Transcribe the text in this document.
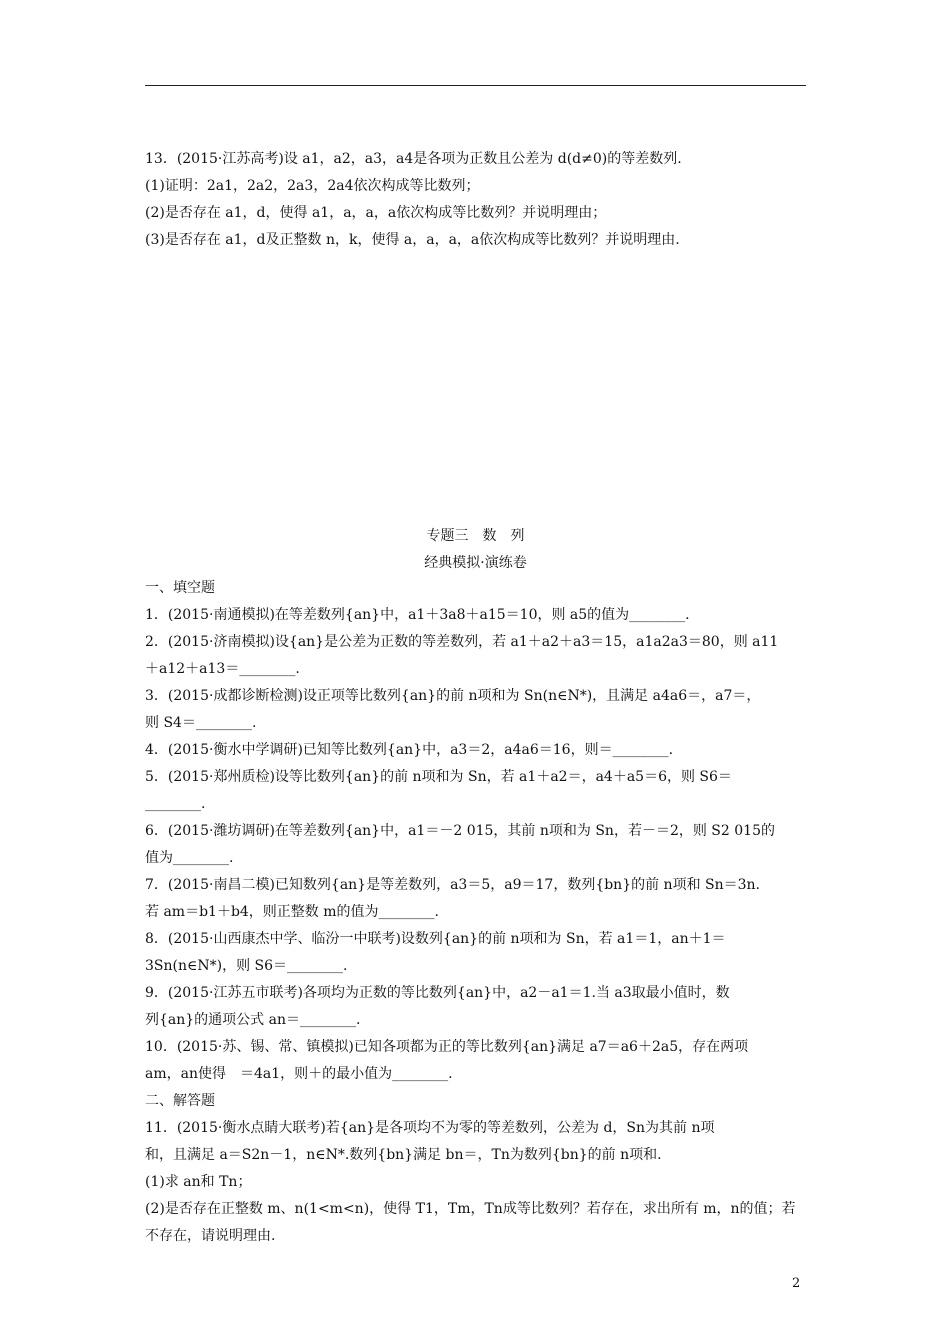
13．(2015·江苏高考)设 a1，a2，a3，a4是各项为正数且公差为 d(d≠0)的等差数列.
(1)证明：2a1，2a2，2a3，2a4依次构成等比数列；
(2)是否存在 a1，d，使得 a1，a，a，a依次构成等比数列？并说明理由；
(3)是否存在 a1，d及正整数 n，k，使得 a，a，a，a依次构成等比数列？并说明理由.
专题三　数　列
经典模拟·演练卷
一、填空题
1．(2015·南通模拟)在等差数列{an}中，a1＋3a8＋a15＝10，则 a5的值为________.
2．(2015·济南模拟)设{an}是公差为正数的等差数列，若 a1＋a2＋a3＝15，a1a2a3＝80，则 a11
＋a12＋a13＝________.
3．(2015·成都诊断检测)设正项等比数列{an}的前 n项和为 Sn(n∈N*)，且满足 a4a6＝，a7＝，
则 S4＝________.
4．(2015·衡水中学调研)已知等比数列{an}中，a3＝2，a4a6＝16，则＝________.
5．(2015·郑州质检)设等比数列{an}的前 n项和为 Sn，若 a1＋a2＝，a4＋a5＝6，则 S6＝
________.
6．(2015·潍坊调研)在等差数列{an}中，a1＝－2 015，其前 n项和为 Sn，若－＝2，则 S2 015的
值为________.
7．(2015·南昌二模)已知数列{an}是等差数列，a3＝5，a9＝17，数列{bn}的前 n项和 Sn＝3n.
若 am＝b1＋b4，则正整数 m的值为________.
8．(2015·山西康杰中学、临汾一中联考)设数列{an}的前 n项和为 Sn，若 a1＝1，an＋1＝
3Sn(n∈N*)，则 S6＝________.
9．(2015·江苏五市联考)各项均为正数的等比数列{an}中，a2－a1＝1.当 a3取最小值时，数
列{an}的通项公式 an＝________.
10．(2015·苏、锡、常、镇模拟)已知各项都为正的等比数列{an}满足 a7＝a6＋2a5，存在两项
am，an使得　＝4a1，则＋的最小值为________.
二、解答题
11．(2015·衡水点睛大联考)若{an}是各项均不为零的等差数列，公差为 d，Sn为其前 n项
和，且满足 a＝S2n－1，n∈N*.数列{bn}满足 bn＝，Tn为数列{bn}的前 n项和.
(1)求 an和 Tn；
(2)是否存在正整数 m、n(1<m<n)，使得 T1，Tm，Tn成等比数列？若存在，求出所有 m，n的值；若
不存在，请说明理由.
2
